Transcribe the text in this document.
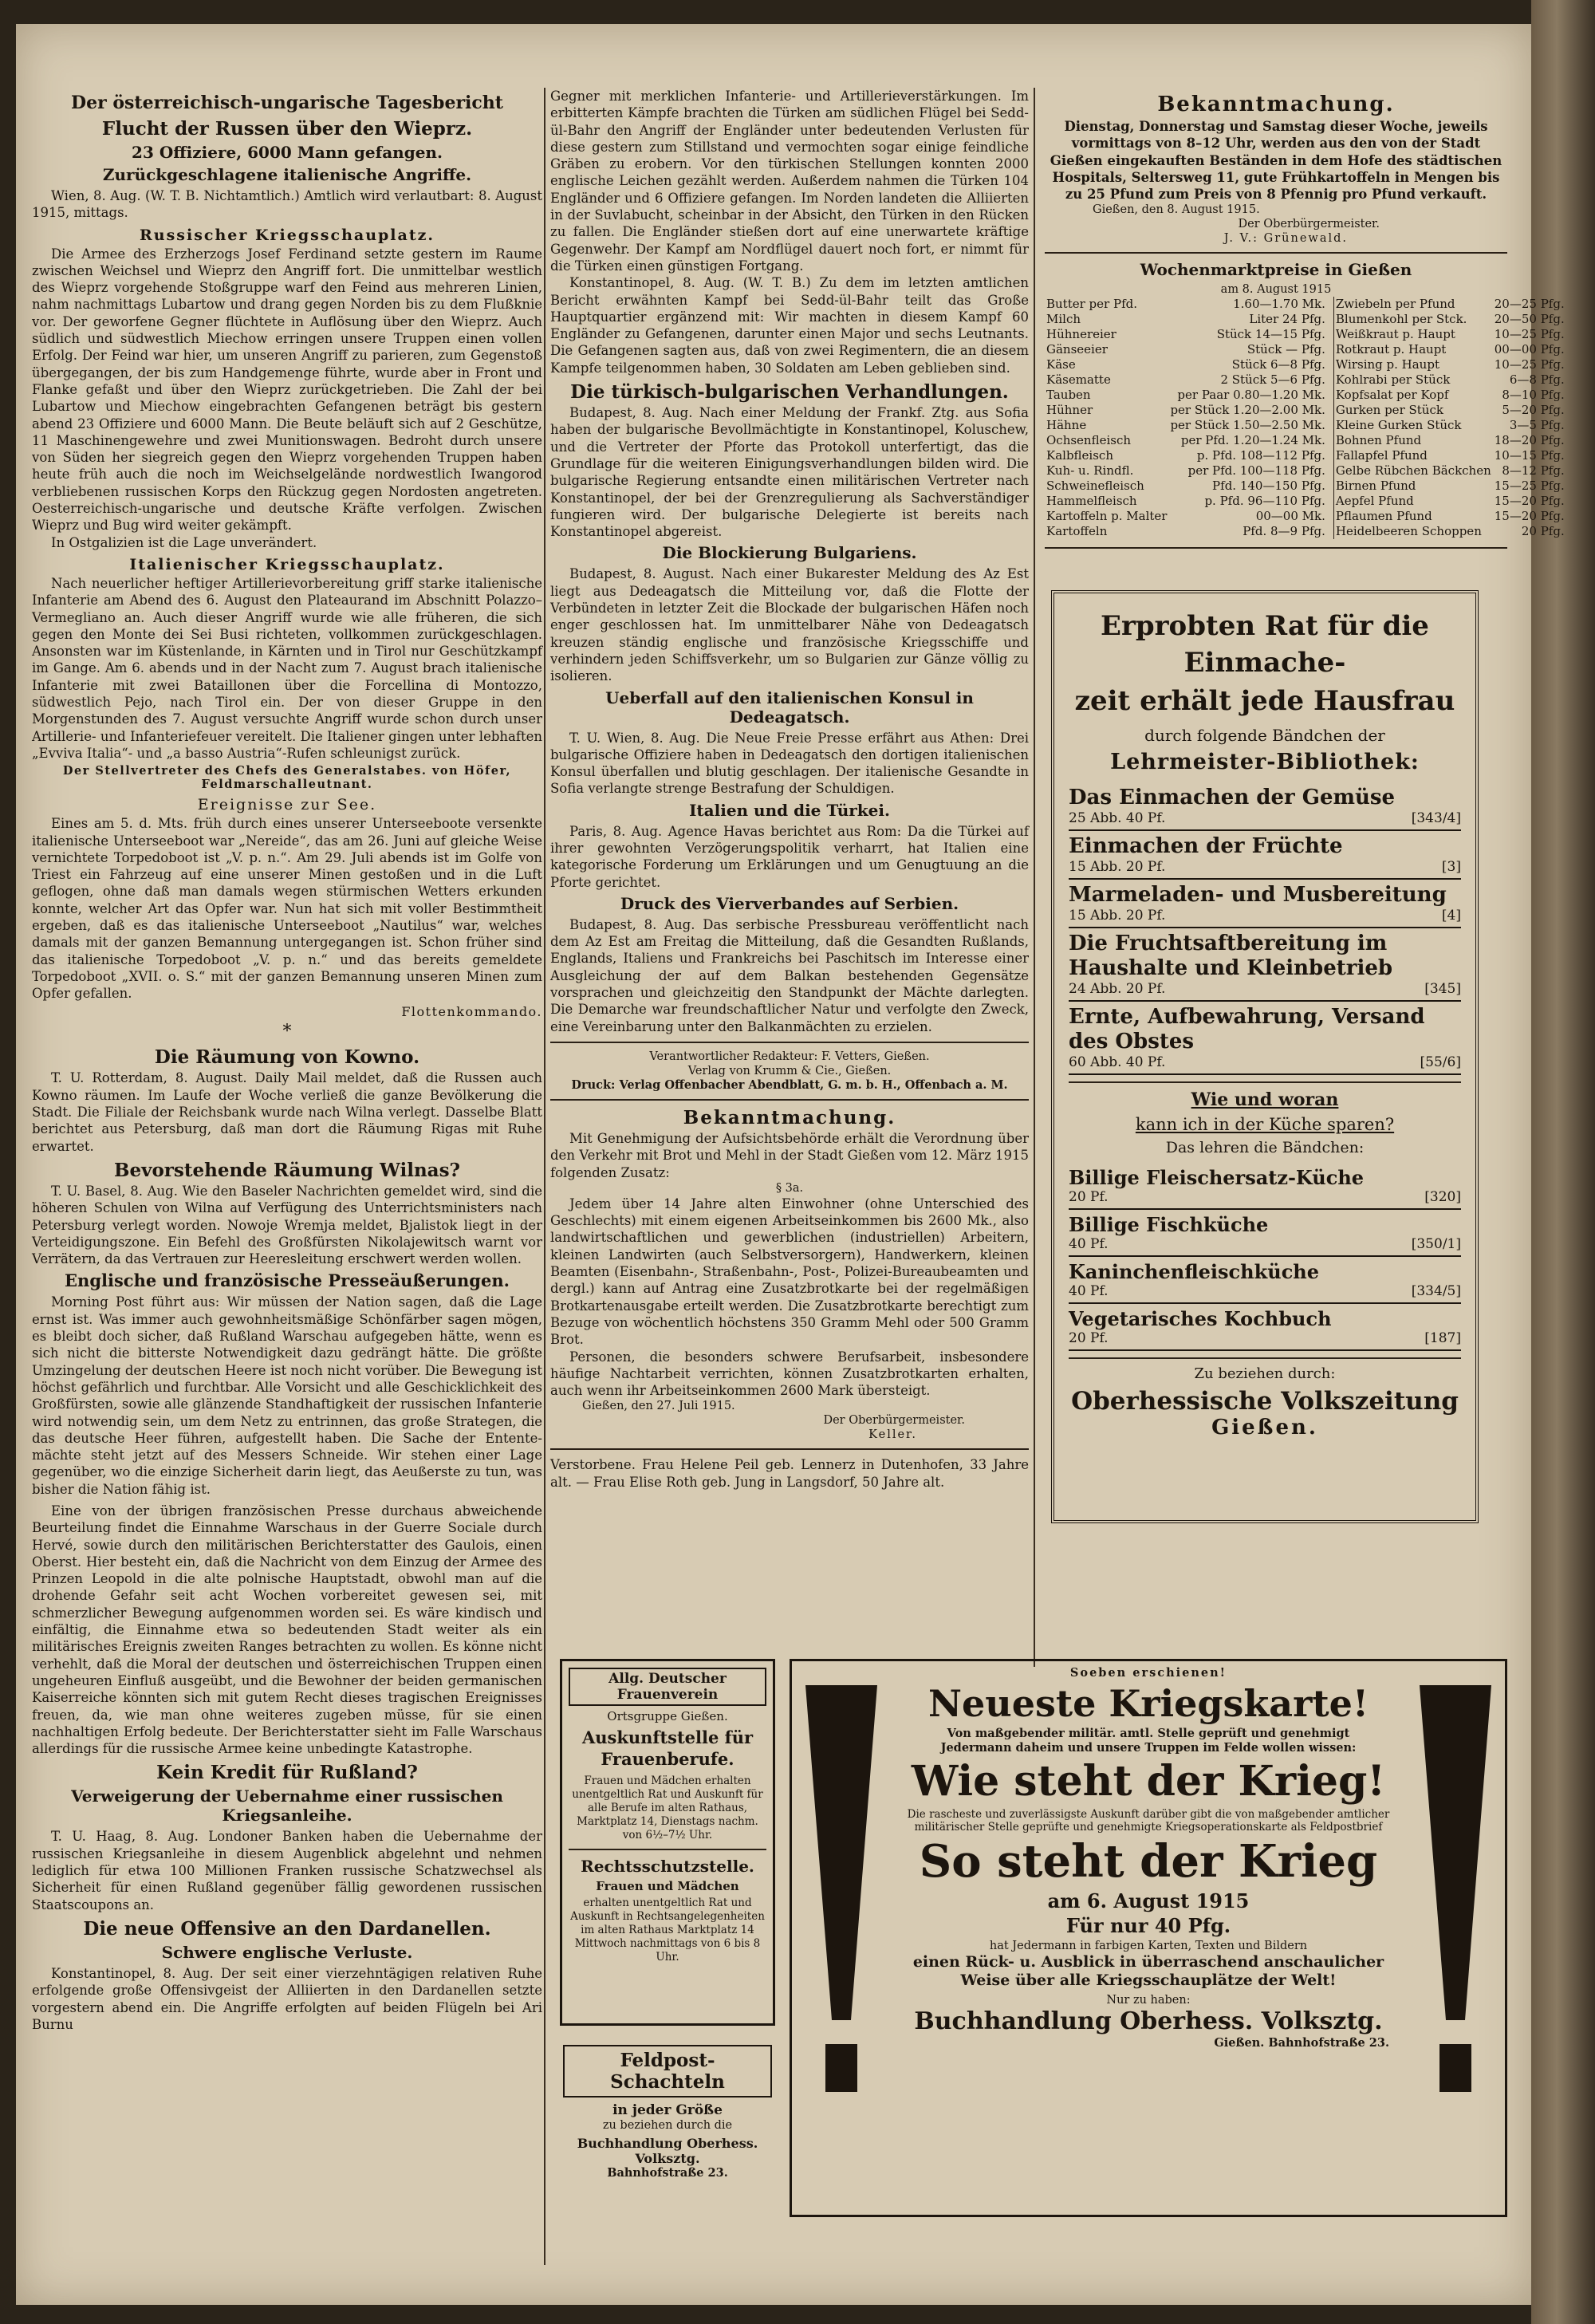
Der österreichisch-ungarische Tagesbericht
Flucht der Russen über den Wieprz.
23 Offiziere, 6000 Mann gefangen.
Zurückgeschlagene italienische Angriffe.

Wien, 8. Aug. (W. T. B. Nichtamtlich.) Amtlich wird verlautbart: 8. August 1915, mittags.

Russischer Kriegsschauplatz.

Die Armee des Erzherzogs Josef Ferdinand setzte gestern im Raume zwischen Weichsel und Wieprz den Angriff fort. Die unmittelbar westlich des Wieprz vorgehende Stoßgruppe warf den Feind aus mehreren Linien, nahm nachmittags Lubartow und drang gegen Norden bis zu dem Flußknie vor. Der geworfene Gegner flüchtete in Auflösung über den Wieprz. Auch südlich und südwestlich Miechow erringen unsere Truppen einen vollen Erfolg. Der Feind war hier, um unseren Angriff zu parieren, zum Gegenstoß übergegangen, der bis zum Handgemenge führte, wurde aber in Front und Flanke gefaßt und über den Wieprz zurückgetrieben. Die Zahl der bei Lubartow und Miechow eingebrachten Gefangenen beträgt bis gestern abend 23 Offiziere und 6000 Mann. Die Beute beläuft sich auf 2 Geschütze, 11 Maschinengewehre und zwei Munitionswagen. Bedroht durch unsere von Süden her siegreich gegen den Wieprz vorgehenden Truppen haben heute früh auch die noch im Weichselgelände nordwestlich Iwangorod verbliebenen russischen Korps den Rückzug gegen Nordosten angetreten. Oesterreichisch-ungarische und deutsche Kräfte verfolgen. Zwischen Wieprz und Bug wird weiter gekämpft.

In Ostgalizien ist die Lage unverändert.

Italienischer Kriegsschauplatz.

Nach neuerlicher heftiger Artillerievorbereitung griff starke italienische Infanterie am Abend des 6. August den Plateaurand im Abschnitt Polazzo–Vermegliano an. Auch dieser Angriff wurde wie alle früheren, die sich gegen den Monte dei Sei Busi richteten, vollkommen zurückgeschlagen. Ansonsten war im Küstenlande, in Kärnten und in Tirol nur Geschützkampf im Gange. Am 6. abends und in der Nacht zum 7. August brach italienische Infanterie mit zwei Bataillonen über die Forcellina di Montozzo, südwestlich Pejo, nach Tirol ein. Der von dieser Gruppe in den Morgenstunden des 7. August versuchte Angriff wurde schon durch unser Artillerie- und Infanteriefeuer vereitelt. Die Italiener gingen unter lebhaften „Evviva Italia“- und „a basso Austria“-Rufen schleunigst zurück.

Der Stellvertreter des Chefs des Generalstabes. von Höfer, Feldmarschalleutnant.
Ereignisse zur See.

Eines am 5. d. Mts. früh durch eines unserer Unterseeboote versenkte italienische Unterseeboot war „Nereide“, das am 26. Juni auf gleiche Weise vernichtete Torpedoboot ist „V. p. n.“. Am 29. Juli abends ist im Golfe von Triest ein Fahrzeug auf eine unserer Minen gestoßen und in die Luft geflogen, ohne daß man damals wegen stürmischen Wetters erkunden konnte, welcher Art das Opfer war. Nun hat sich mit voller Bestimmtheit ergeben, daß es das italienische Unterseeboot „Nautilus“ war, welches damals mit der ganzen Bemannung untergegangen ist. Schon früher sind das italienische Torpedoboot „V. p. n.“ und das bereits gemeldete Torpedoboot „XVII. o. S.“ mit der ganzen Bemannung unseren Minen zum Opfer gefallen.

Flottenkommando.
*
Die Räumung von Kowno.

T. U. Rotterdam, 8. August. Daily Mail meldet, daß die Russen auch Kowno räumen. Im Laufe der Woche verließ die ganze Bevölkerung die Stadt. Die Filiale der Reichsbank wurde nach Wilna verlegt. Dasselbe Blatt berichtet aus Petersburg, daß man dort die Räumung Rigas mit Ruhe erwartet.

Bevorstehende Räumung Wilnas?

T. U. Basel, 8. Aug. Wie den Baseler Nachrichten gemeldet wird, sind die höheren Schulen von Wilna auf Verfügung des Unterrichtsministers nach Petersburg verlegt worden. Nowoje Wremja meldet, Bjalistok liegt in der Verteidigungszone. Ein Befehl des Großfürsten Nikolajewitsch warnt vor Verrätern, da das Vertrauen zur Heeresleitung erschwert werden wollen.

Englische und französische Presseäußerungen.

Morning Post führt aus: Wir müssen der Nation sagen, daß die Lage ernst ist. Was immer auch gewohnheitsmäßige Schönfärber sagen mögen, es bleibt doch sicher, daß Rußland Warschau aufgegeben hätte, wenn es sich nicht die bitterste Notwendigkeit dazu gedrängt hätte. Die größte Umzingelung der deutschen Heere ist noch nicht vorüber. Die Bewegung ist höchst gefährlich und furchtbar. Alle Vorsicht und alle Geschicklichkeit des Großfürsten, sowie alle glänzende Standhaftigkeit der russischen Infanterie wird notwendig sein, um dem Netz zu entrinnen, das große Strategen, die das deutsche Heer führen, aufgestellt haben. Die Sache der Entente-mächte steht jetzt auf des Messers Schneide. Wir stehen einer Lage gegenüber, wo die einzige Sicherheit darin liegt, das Aeußerste zu tun, was bisher die Nation fähig ist.

Eine von der übrigen französischen Presse durchaus abweichende Beurteilung findet die Einnahme Warschaus in der Guerre Sociale durch Hervé, sowie durch den militärischen Berichterstatter des Gaulois, einen Oberst. Hier besteht ein, daß die Nachricht von dem Einzug der Armee des Prinzen Leopold in die alte polnische Hauptstadt, obwohl man auf die drohende Gefahr seit acht Wochen vorbereitet gewesen sei, mit schmerzlicher Bewegung aufgenommen worden sei. Es wäre kindisch und einfältig, die Einnahme etwa so bedeutenden Stadt weiter als ein militärisches Ereignis zweiten Ranges betrachten zu wollen. Es könne nicht verhehlt, daß die Moral der deutschen und österreichischen Truppen einen ungeheuren Einfluß ausgeübt, und die Bewohner der beiden germanischen Kaiserreiche könnten sich mit gutem Recht dieses tragischen Ereignisses freuen, da, wie man ohne weiteres zugeben müsse, für sie einen nachhaltigen Erfolg bedeute. Der Berichterstatter sieht im Falle Warschaus allerdings für die russische Armee keine unbedingte Katastrophe.

Kein Kredit für Rußland?
Verweigerung der Uebernahme einer russischen Kriegsanleihe.

T. U. Haag, 8. Aug. Londoner Banken haben die Uebernahme der russischen Kriegsanleihe in diesem Augenblick abgelehnt und nehmen lediglich für etwa 100 Millionen Franken russische Schatzwechsel als Sicherheit für einen Rußland gegenüber fällig gewordenen russischen Staatscoupons an.

Die neue Offensive an den Dardanellen.
Schwere englische Verluste.

Konstantinopel, 8. Aug. Der seit einer vierzehntägigen relativen Ruhe erfolgende große Offensivgeist der Alliierten in den Dardanellen setzte vorgestern abend ein. Die Angriffe erfolgten auf beiden Flügeln bei Ari Burnu

Gegner mit merklichen Infanterie- und Artillerieverstärkungen. Im erbitterten Kämpfe brachten die Türken am südlichen Flügel bei Sedd-ül-Bahr den Angriff der Engländer unter bedeutenden Verlusten für diese gestern zum Stillstand und vermochten sogar einige feindliche Gräben zu erobern. Vor den türkischen Stellungen konnten 2000 englische Leichen gezählt werden. Außerdem nahmen die Türken 104 Engländer und 6 Offiziere gefangen. Im Norden landeten die Alliierten in der Suvlabucht, scheinbar in der Absicht, den Türken in den Rücken zu fallen. Die Engländer stießen dort auf eine unerwartete kräftige Gegenwehr. Der Kampf am Nordflügel dauert noch fort, er nimmt für die Türken einen günstigen Fortgang.

Konstantinopel, 8. Aug. (W. T. B.) Zu dem im letzten amtlichen Bericht erwähnten Kampf bei Sedd-ül-Bahr teilt das Große Hauptquartier ergänzend mit: Wir machten in diesem Kampf 60 Engländer zu Gefangenen, darunter einen Major und sechs Leutnants. Die Gefangenen sagten aus, daß von zwei Regimentern, die an diesem Kampfe teilgenommen haben, 30 Soldaten am Leben geblieben sind.

Die türkisch-bulgarischen Verhandlungen.

Budapest, 8. Aug. Nach einer Meldung der Frankf. Ztg. aus Sofia haben der bulgarische Bevollmächtigte in Konstantinopel, Koluschew, und die Vertreter der Pforte das Protokoll unterfertigt, das die Grundlage für die weiteren Einigungsverhandlungen bilden wird. Die bulgarische Regierung entsandte einen militärischen Vertreter nach Konstantinopel, der bei der Grenzregulierung als Sachverständiger fungieren wird. Der bulgarische Delegierte ist bereits nach Konstantinopel abgereist.

Die Blockierung Bulgariens.

Budapest, 8. August. Nach einer Bukarester Meldung des Az Est liegt aus Dedeagatsch die Mitteilung vor, daß die Flotte der Verbündeten in letzter Zeit die Blockade der bulgarischen Häfen noch enger geschlossen hat. Im unmittelbarer Nähe von Dedeagatsch kreuzen ständig englische und französische Kriegsschiffe und verhindern jeden Schiffsverkehr, um so Bulgarien zur Gänze völlig zu isolieren.

Ueberfall auf den italienischen Konsul in Dedeagatsch.

T. U. Wien, 8. Aug. Die Neue Freie Presse erfährt aus Athen: Drei bulgarische Offiziere haben in Dedeagatsch den dortigen italienischen Konsul überfallen und blutig geschlagen. Der italienische Gesandte in Sofia verlangte strenge Bestrafung der Schuldigen.

Italien und die Türkei.

Paris, 8. Aug. Agence Havas berichtet aus Rom: Da die Türkei auf ihrer gewohnten Verzögerungspolitik verharrt, hat Italien eine kategorische Forderung um Erklärungen und um Genugtuung an die Pforte gerichtet.

Druck des Vierverbandes auf Serbien.

Budapest, 8. Aug. Das serbische Pressbureau veröffentlicht nach dem Az Est am Freitag die Mitteilung, daß die Gesandten Rußlands, Englands, Italiens und Frankreichs bei Paschitsch im Interesse einer Ausgleichung der auf dem Balkan bestehenden Gegensätze vorsprachen und gleichzeitig den Standpunkt der Mächte darlegten. Die Demarche war freundschaftlicher Natur und verfolgte den Zweck, eine Vereinbarung unter den Balkanmächten zu erzielen.

Verantwortlicher Redakteur: F. Vetters, Gießen.
Verlag von Krumm & Cie., Gießen.
Druck: Verlag Offenbacher Abendblatt, G. m. b. H., Offenbach a. M.
Bekanntmachung.

Mit Genehmigung der Aufsichtsbehörde erhält die Verordnung über den Verkehr mit Brot und Mehl in der Stadt Gießen vom 12. März 1915 folgenden Zusatz:

§ 3a.

Jedem über 14 Jahre alten Einwohner (ohne Unterschied des Geschlechts) mit einem eigenen Arbeitseinkommen bis 2600 Mk., also landwirtschaftlichen und gewerblichen (industriellen) Arbeitern, kleinen Landwirten (auch Selbstversorgern), Handwerkern, kleinen Beamten (Eisenbahn-, Straßenbahn-, Post-, Polizei-Bureaubeamten und dergl.) kann auf Antrag eine Zusatzbrotkarte bei der regelmäßigen Brotkartenausgabe erteilt werden. Die Zusatzbrotkarte berechtigt zum Bezuge von wöchentlich höchstens 350 Gramm Mehl oder 500 Gramm Brot.

Personen, die besonders schwere Berufsarbeit, insbesondere häufige Nachtarbeit verrichten, können Zusatzbrotkarten erhalten, auch wenn ihr Arbeitseinkommen 2600 Mark übersteigt.

Gießen, den 27. Juli 1915.
Der Oberbürgermeister.
Keller.

Verstorbene. Frau Helene Peil geb. Lennerz in Dutenhofen, 33 Jahre alt. — Frau Elise Roth geb. Jung in Langsdorf, 50 Jahre alt.

Bekanntmachung.

Dienstag, Donnerstag und Samstag dieser Woche, jeweils vormittags von 8–12 Uhr, werden aus den von der Stadt Gießen eingekauften Beständen in dem Hofe des städtischen Hospitals, Seltersweg 11, gute Frühkartoffeln in Mengen bis zu 25 Pfund zum Preis von 8 Pfennig pro Pfund verkauft.

Gießen, den 8. August 1915.
Der Oberbürgermeister.
J. V.: Grünewald.
Wochenmarktpreise in Gießen
am 8. August 1915
Butter per Pfd.	1.60—1.70 Mk.	Zwiebeln per Pfund	20—25 Pfg.
Milch	Liter 24 Pfg.	Blumenkohl per Stck.	20—50 Pfg.
Hühnereier	Stück 14—15 Pfg.	Weißkraut p. Haupt	10—25 Pfg.
Gänseeier	Stück — Pfg.	Rotkraut p. Haupt	00—00 Pfg.
Käse	Stück 6—8 Pfg.	Wirsing p. Haupt	10—25 Pfg.
Käsematte	2 Stück 5—6 Pfg.	Kohlrabi per Stück	6—8 Pfg.
Tauben	per Paar 0.80—1.20 Mk.	Kopfsalat per Kopf	8—10 Pfg.
Hühner	per Stück 1.20—2.00 Mk.	Gurken per Stück	5—20 Pfg.
Hähne	per Stück 1.50—2.50 Mk.	Kleine Gurken Stück	3—5 Pfg.
Ochsenfleisch	per Pfd. 1.20—1.24 Mk.	Bohnen Pfund	18—20 Pfg.
Kalbfleisch	p. Pfd. 108—112 Pfg.	Fallapfel Pfund	10—15 Pfg.
Kuh- u. Rindfl.	per Pfd. 100—118 Pfg.	Gelbe Rübchen Bäckchen	8—12 Pfg.
Schweinefleisch	Pfd. 140—150 Pfg.	Birnen Pfund	15—25 Pfg.
Hammelfleisch	p. Pfd. 96—110 Pfg.	Aepfel Pfund	15—20 Pfg.
Kartoffeln p. Malter	00—00 Mk.	Pflaumen Pfund	15—20 Pfg.
Kartoffeln	Pfd. 8—9 Pfg.	Heidelbeeren Schoppen	20 Pfg.
Erprobten Rat für die Einmache-
zeit erhält jede Hausfrau
durch folgende Bändchen der
Lehrmeister-Bibliothek:
Das Einmachen der Gemüse
25 Abb. 40 Pf.	[343/4]
Einmachen der Früchte
15 Abb. 20 Pf.	[3]
Marmeladen- und Musbereitung
15 Abb. 20 Pf.	[4]
Die Fruchtsaftbereitung im Haushalte und Kleinbetrieb
24 Abb. 20 Pf.	[345]
Ernte, Aufbewahrung, Versand des Obstes
60 Abb. 40 Pf.	[55/6]
Wie und woran
kann ich in der Küche sparen?
Das lehren die Bändchen:
Billige Fleischersatz-Küche
20 Pf.	[320]
Billige Fischküche
40 Pf.	[350/1]
Kaninchenfleischküche
40 Pf.	[334/5]
Vegetarisches Kochbuch
20 Pf.	[187]
Zu beziehen durch:
Oberhessische Volkszeitung
Gießen.
Allg. Deutscher Frauenverein
Ortsgruppe Gießen.
Auskunftstelle für Frauenberufe.
Frauen und Mädchen erhalten unentgeltlich Rat und Auskunft für alle Berufe im alten Rathaus, Marktplatz 14, Dienstags nachm. von 6½–7½ Uhr.
Rechtsschutzstelle.
Frauen und Mädchen
erhalten unentgeltlich Rat und Auskunft in Rechtsangelegenheiten im alten Rathaus Marktplatz 14 Mittwoch nachmittags von 6 bis 8 Uhr.
Feldpost-Schachteln
in jeder Größe
zu beziehen durch die
Buchhandlung Oberhess. Volksztg.
Bahnhofstraße 23.
Soeben erschienen!
Neueste Kriegskarte!
Von maßgebender militär. amtl. Stelle geprüft und genehmigt
Jedermann daheim und unsere Truppen im Felde wollen wissen:
Wie steht der Krieg!
Die rascheste und zuverlässigste Auskunft darüber gibt die von maßgebender amtlicher militärischer Stelle geprüfte und genehmigte Kriegsoperationskarte als Feldpostbrief
So steht der Krieg
am 6. August 1915
Für nur 40 Pfg.
hat Jedermann in farbigen Karten, Texten und Bildern
einen Rück- u. Ausblick in überraschend anschaulicher Weise über alle Kriegsschauplätze der Welt!
Nur zu haben:
Buchhandlung Oberhess. Volksztg.
Gießen. Bahnhofstraße 23.
